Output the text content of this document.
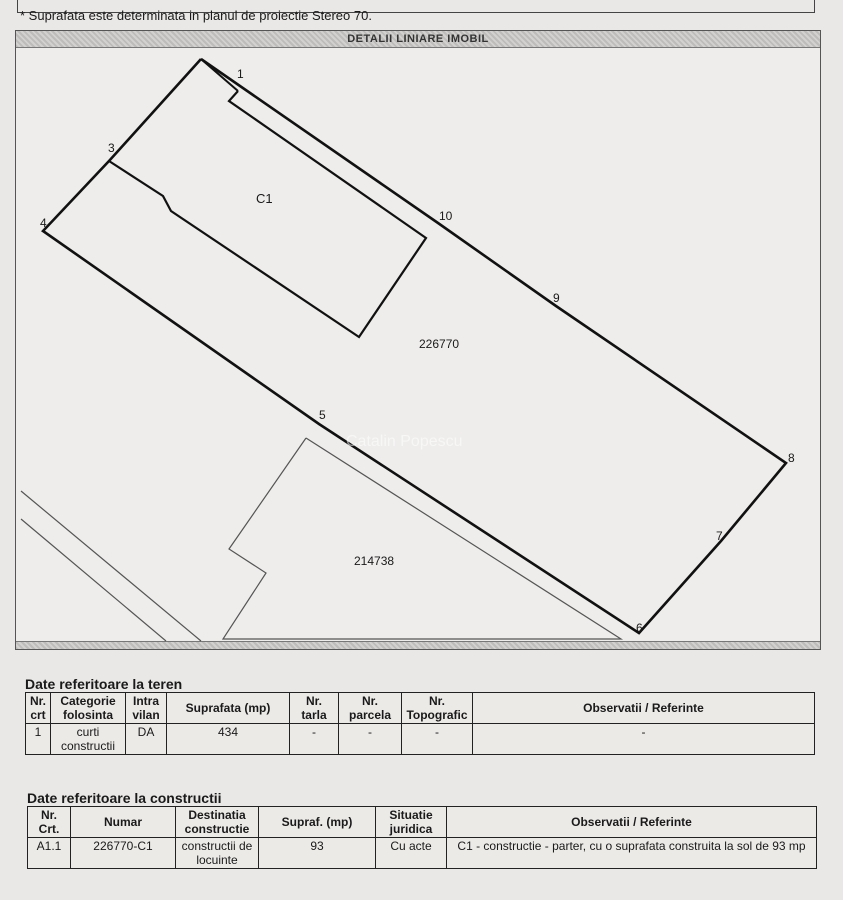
* Suprafata este determinata in planul de proiectie Stereo 70.
DETALII LINIARE IMOBIL
C1
226770
214738
1
3
4
5
6
7
8
9
10
Catalin Popescu
Date referitoare la teren
Nr. crt	Categorie folosinta	Intra vilan	Suprafata (mp)	Nr. tarla	Nr. parcela	Nr. Topografic	Observatii / Referinte
1	curti constructii	DA	434	-	-	-	-
Date referitoare la constructii
Nr. Crt.	Numar	Destinatia constructie	Supraf. (mp)	Situatie juridica	Observatii / Referinte
A1.1	226770-C1	constructii de locuinte	93	Cu acte	C1 - constructie - parter, cu o suprafata construita la sol de 93 mp
